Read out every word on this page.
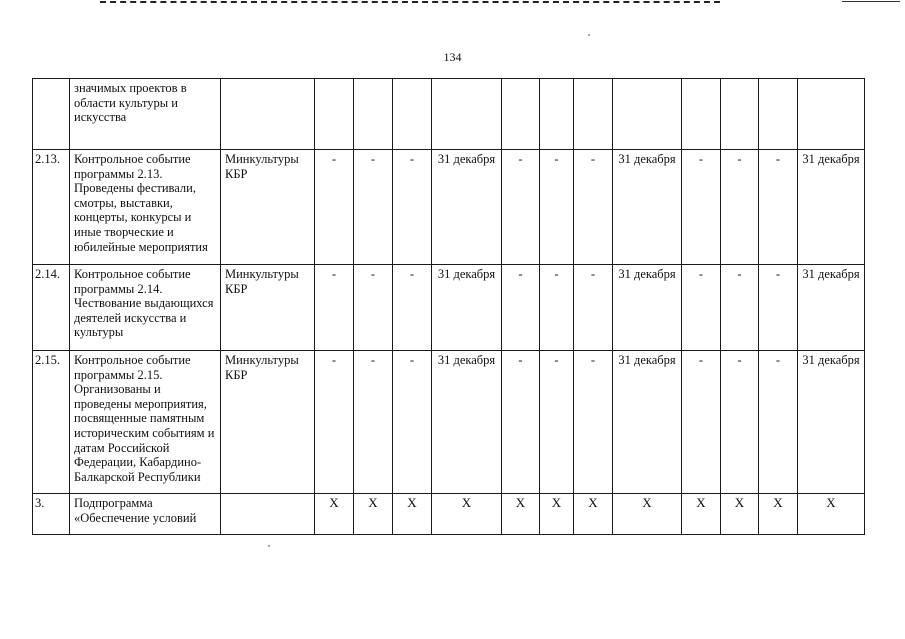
134
	значимых проектов в области культуры и искусства													
2.13.	Контрольное событие программы 2.13. Проведены фестивали, смотры, выставки, концерты, конкурсы и иные творческие и юбилейные мероприятия	Минкультуры КБР	-	-	-	31 декабря	-	-	-	31 декабря	-	-	-	31 декабря
2.14.	Контрольное событие программы 2.14. Чествование выдающихся деятелей искусства и культуры	Минкультуры КБР	-	-	-	31 декабря	-	-	-	31 декабря	-	-	-	31 декабря
2.15.	Контрольное событие программы 2.15. Организованы и проведены мероприятия, посвященные памятным историческим событиям и датам Российской Федерации, Кабардино-Балкарской Республики	Минкультуры КБР	-	-	-	31 декабря	-	-	-	31 декабря	-	-	-	31 декабря
3.	Подпрограмма «Обеспечение условий		X	X	X	X	X	X	X	X	X	X	X	X
